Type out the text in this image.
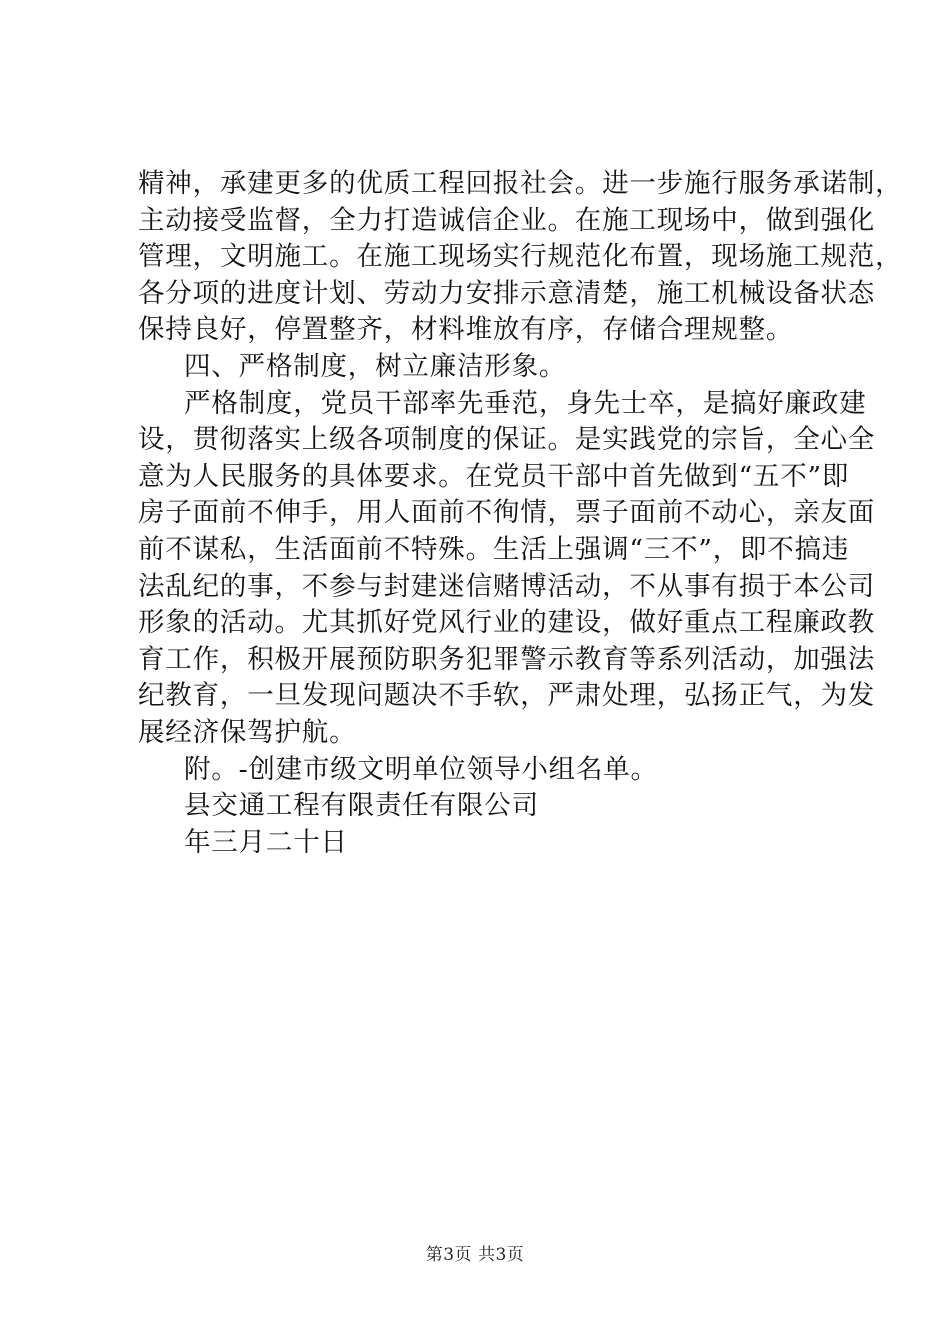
精神，承建更多的优质工程回报社会。进一步施行服务承诺制，
主动接受监督，全力打造诚信企业。在施工现场中，做到强化
管理，文明施工。在施工现场实行规范化布置，现场施工规范，
各分项的进度计划、劳动力安排示意清楚，施工机械设备状态
保持良好，停置整齐，材料堆放有序，存储合理规整。
四、严格制度，树立廉洁形象。
严格制度，党员干部率先垂范，身先士卒，是搞好廉政建
设，贯彻落实上级各项制度的保证。是实践党的宗旨，全心全
意为人民服务的具体要求。在党员干部中首先做到“五不”即
房子面前不伸手，用人面前不徇情，票子面前不动心，亲友面
前不谋私，生活面前不特殊。生活上强调“三不”，即不搞违
法乱纪的事，不参与封建迷信赌博活动，不从事有损于本公司
形象的活动。尤其抓好党风行业的建设，做好重点工程廉政教
育工作，积极开展预防职务犯罪警示教育等系列活动，加强法
纪教育，一旦发现问题决不手软，严肃处理，弘扬正气，为发
展经济保驾护航。
附。-创建市级文明单位领导小组名单。
县交通工程有限责任有限公司
年三月二十日
第3页 共3页
